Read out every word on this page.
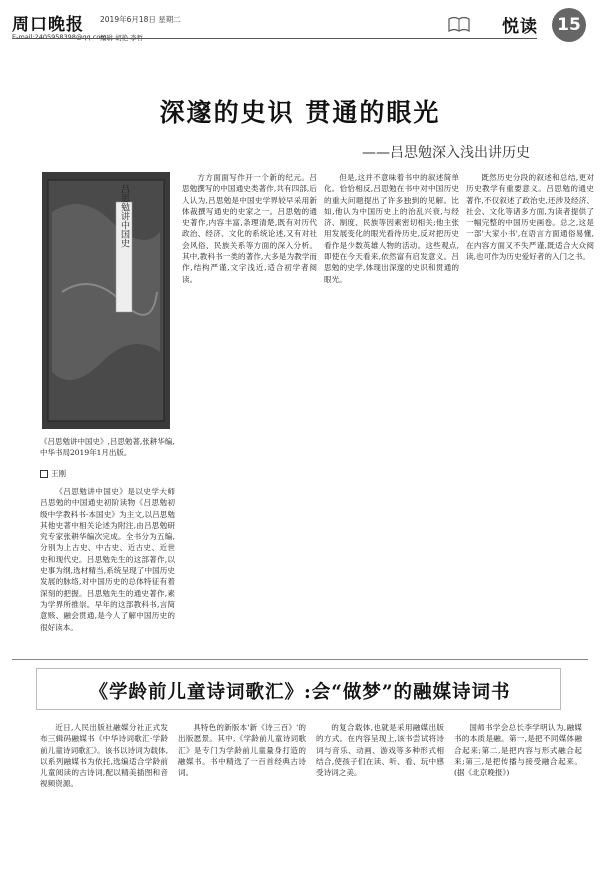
周口晚报 2019年6月18日 星期二
E-mail:2405958398@qq.com
编辑 胡艳 李哲
悦读	15
深邃的史识 贯通的眼光
——吕思勉深入浅出讲历史
吕思勉讲中国史
《吕思勉讲中国史》,吕思勉著,张耕华编,中华书局2019年1月出版。
王刚

《吕思勉讲中国史》是以史学大师吕思勉的中国通史初阶读物《吕思勉初级中学教科书·本国史》为主文,以吕思勉其他史著中相关论述为附注,由吕思勉研究专家张耕华编次完成。全书分为五编,分别为上古史、中古史、近古史、近世史和现代史。吕思勉先生的这部著作,以史事为纲,选材精当,系统呈现了中国历史发展的脉络,对中国历史的总体特征有着深刻的把握。吕思勉先生的通史著作,素为学界所推崇。早年的这部教科书,言简意赅、融会贯通,是今人了解中国历史的很好读本。

方方面面写作开一个新的纪元。吕思勉撰写的中国通史类著作,共有四部,后人认为,吕思勉是中国史学界较早采用新体裁撰写通史的史家之一。吕思勉的通史著作,内容丰富,条理清楚,既有对历代政治、经济、文化的系统论述,又有对社会风俗、民族关系等方面的深入分析。其中,教科书一类的著作,大多是为教学而作,结构严谨,文字浅近,适合初学者阅读。

但是,这并不意味着书中的叙述简单化。恰恰相反,吕思勉在书中对中国历史的重大问题提出了许多独到的见解。比如,他认为中国历史上的治乱兴衰,与经济、制度、民族等因素密切相关;他主张用发展变化的眼光看待历史,反对把历史看作是少数英雄人物的活动。这些观点,即使在今天看来,依然富有启发意义。吕思勉的史学,体现出深邃的史识和贯通的眼光。

既然历史分段的叙述和总结,更对历史教学有重要意义。吕思勉的通史著作,不仅叙述了政治史,还涉及经济、社会、文化等诸多方面,为读者提供了一幅完整的中国历史画卷。总之,这是一部'大家小书',在语言方面通俗易懂,在内容方面又不失严谨,既适合大众阅读,也可作为历史爱好者的入门之书。

《学龄前儿童诗词歌汇》:会“做梦”的融媒诗词书

近日,人民出版社融媒分社正式发布三辑码融媒书《中华诗词歌汇·学龄前儿童诗词歌汇》。该书以诗词为载体,以系列融媒书为依托,选编适合学龄前儿童阅读的古诗词,配以精美插图和音视频资源。

具特色的新版本'新《诗三百》'的出版愿景。其中,《学龄前儿童诗词歌汇》是专门为学龄前儿童量身打造的融媒书。书中精选了一百首经典古诗词。

的复合载体,也就是采用融媒出版的方式。在内容呈现上,该书尝试将诗词与音乐、动画、游戏等多种形式相结合,使孩子们在读、听、看、玩中感受诗词之美。

国师书学会总长李学明认为,融媒书的本质是融。第一,是把不同媒体融合起来;第二,是把内容与形式融合起来;第三,是把传播与接受融合起来。(据《北京晚报》)
